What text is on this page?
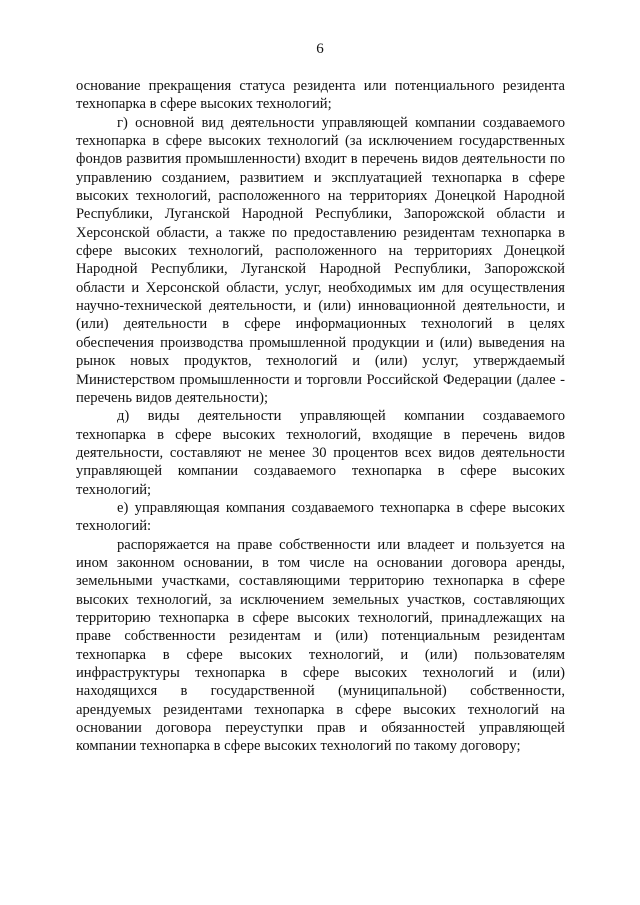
6

основание прекращения статуса резидента или потенциального резидента технопарка в сфере высоких технологий;

г) основной вид деятельности управляющей компании создаваемого технопарка в сфере высоких технологий (за исключением государственных фондов развития промышленности) входит в перечень видов деятельности по управлению созданием, развитием и эксплуатацией технопарка в сфере высоких технологий, расположенного на территориях Донецкой Народной Республики, Луганской Народной Республики, Запорожской области и Херсонской области, а также по предоставлению резидентам технопарка в сфере высоких технологий, расположенного на территориях Донецкой Народной Республики, Луганской Народной Республики, Запорожской области и Херсонской области, услуг, необходимых им для осуществления научно-технической деятельности, и (или) инновационной деятельности, и (или) деятельности в сфере информационных технологий в целях обеспечения производства промышленной продукции и (или) выведения на рынок новых продуктов, технологий и (или) услуг, утверждаемый Министерством промышленности и торговли Российской Федерации (далее - перечень видов деятельности);

д) виды деятельности управляющей компании создаваемого технопарка в сфере высоких технологий, входящие в перечень видов деятельности, составляют не менее 30 процентов всех видов деятельности управляющей компании создаваемого технопарка в сфере высоких технологий;

е) управляющая компания создаваемого технопарка в сфере высоких технологий:

распоряжается на праве собственности или владеет и пользуется на ином законном основании, в том числе на основании договора аренды, земельными участками, составляющими территорию технопарка в сфере высоких технологий, за исключением земельных участков, составляющих территорию технопарка в сфере высоких технологий, принадлежащих на праве собственности резидентам и (или) потенциальным резидентам технопарка в сфере высоких технологий, и (или) пользователям инфраструктуры технопарка в сфере высоких технологий и (или) находящихся в государственной (муниципальной) собственности, арендуемых резидентами технопарка в сфере высоких технологий на основании договора переуступки прав и обязанностей управляющей компании технопарка в сфере высоких технологий по такому договору;
